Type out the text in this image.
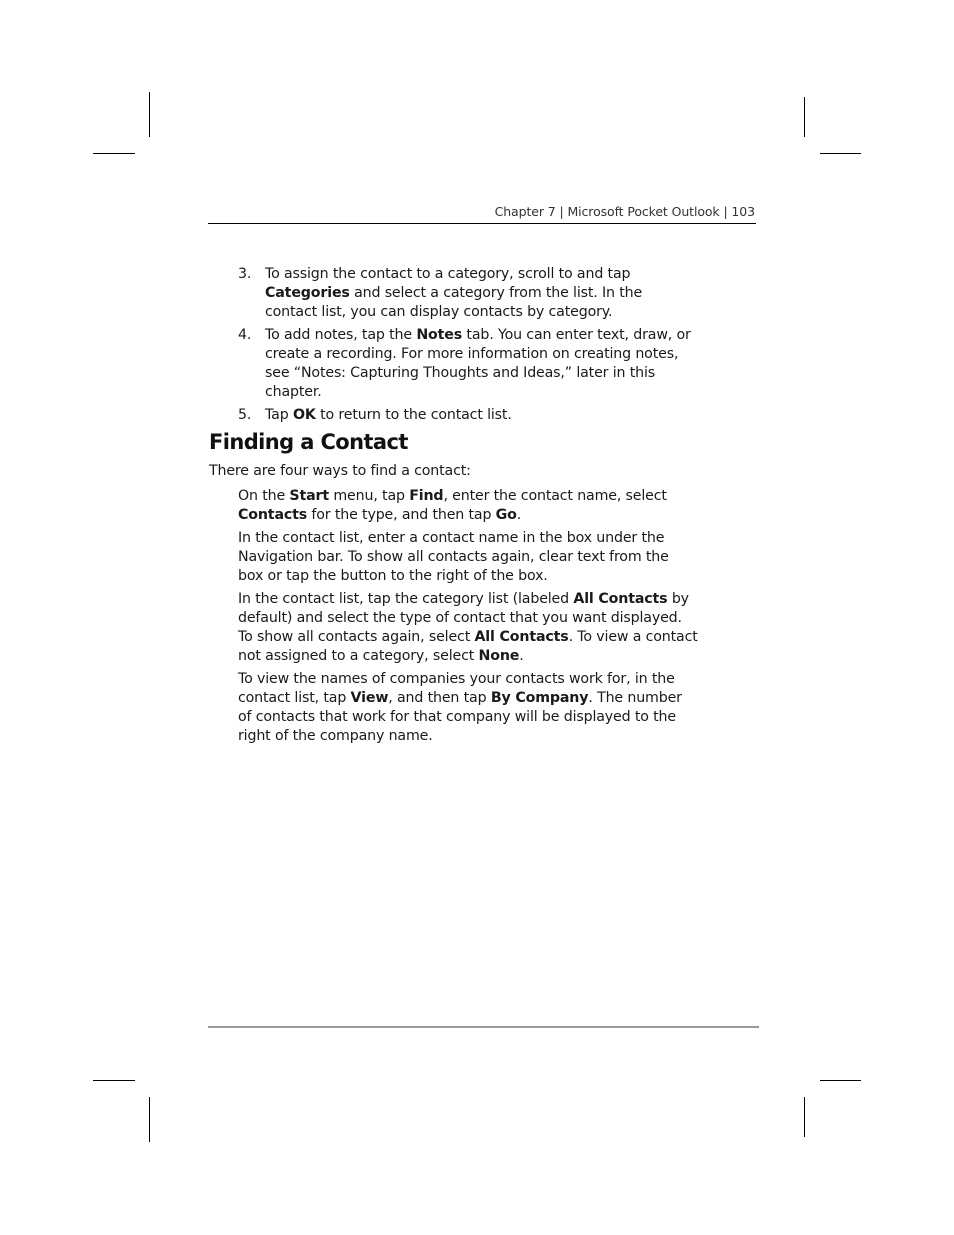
Chapter 7 | Microsoft Pocket Outlook | 103
3. To assign the contact to a category, scroll to and tap Categories and select a category from the list. In the contact list, you can display contacts by category.
4. To add notes, tap the Notes tab. You can enter text, draw, or create a recording. For more information on creating notes, see “Notes: Capturing Thoughts and Ideas,” later in this chapter.
5. Tap OK to return to the contact list.
Finding a Contact

There are four ways to find a contact:

On the Start menu, tap Find, enter the contact name, select Contacts for the type, and then tap Go.

In the contact list, enter a contact name in the box under the Navigation bar. To show all contacts again, clear text from the box or tap the button to the right of the box.

In the contact list, tap the category list (labeled All Contacts by default) and select the type of contact that you want displayed. To show all contacts again, select All Contacts. To view a contact not assigned to a category, select None.

To view the names of companies your contacts work for, in the contact list, tap View, and then tap By Company. The number of contacts that work for that company will be displayed to the right of the company name.
